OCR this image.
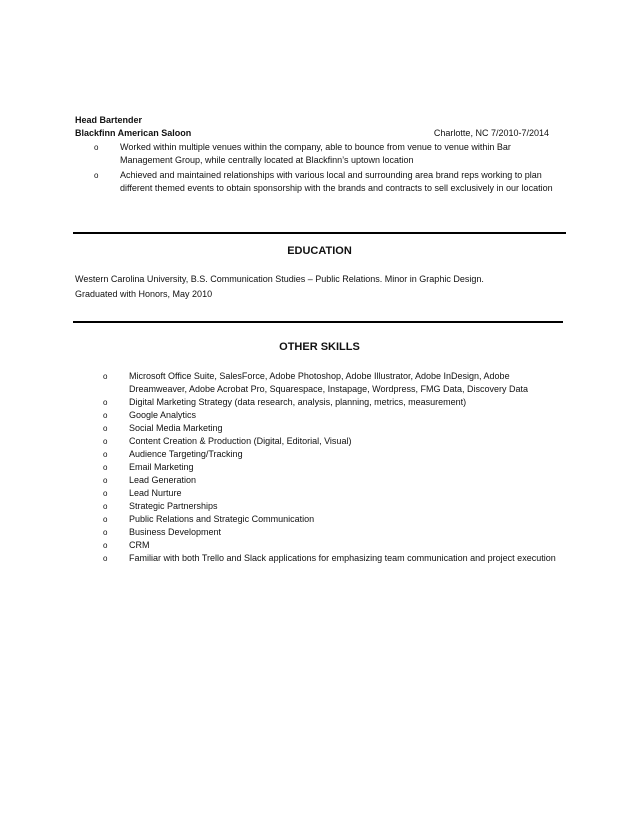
Head Bartender
Blackfinn American Saloon	Charlotte, NC 7/2010-7/2014
o Worked within multiple venues within the company, able to bounce from venue to venue within Bar Management Group, while centrally located at Blackfinn’s uptown location
o Achieved and maintained relationships with various local and surrounding area brand reps working to plan different themed events to obtain sponsorship with the brands and contracts to sell exclusively in our location
EDUCATION
Western Carolina University, B.S. Communication Studies – Public Relations. Minor in Graphic Design.
Graduated with Honors, May 2010
OTHER SKILLS
o Microsoft Office Suite, SalesForce, Adobe Photoshop, Adobe Illustrator, Adobe InDesign, Adobe Dreamweaver, Adobe Acrobat Pro, Squarespace, Instapage, Wordpress, FMG Data, Discovery Data
o Digital Marketing Strategy (data research, analysis, planning, metrics, measurement)
o Google Analytics
o Social Media Marketing
o Content Creation & Production (Digital, Editorial, Visual)
o Audience Targeting/Tracking
o Email Marketing
o Lead Generation
o Lead Nurture
o Strategic Partnerships
o Public Relations and Strategic Communication
o Business Development
o CRM
o Familiar with both Trello and Slack applications for emphasizing team communication and project execution
